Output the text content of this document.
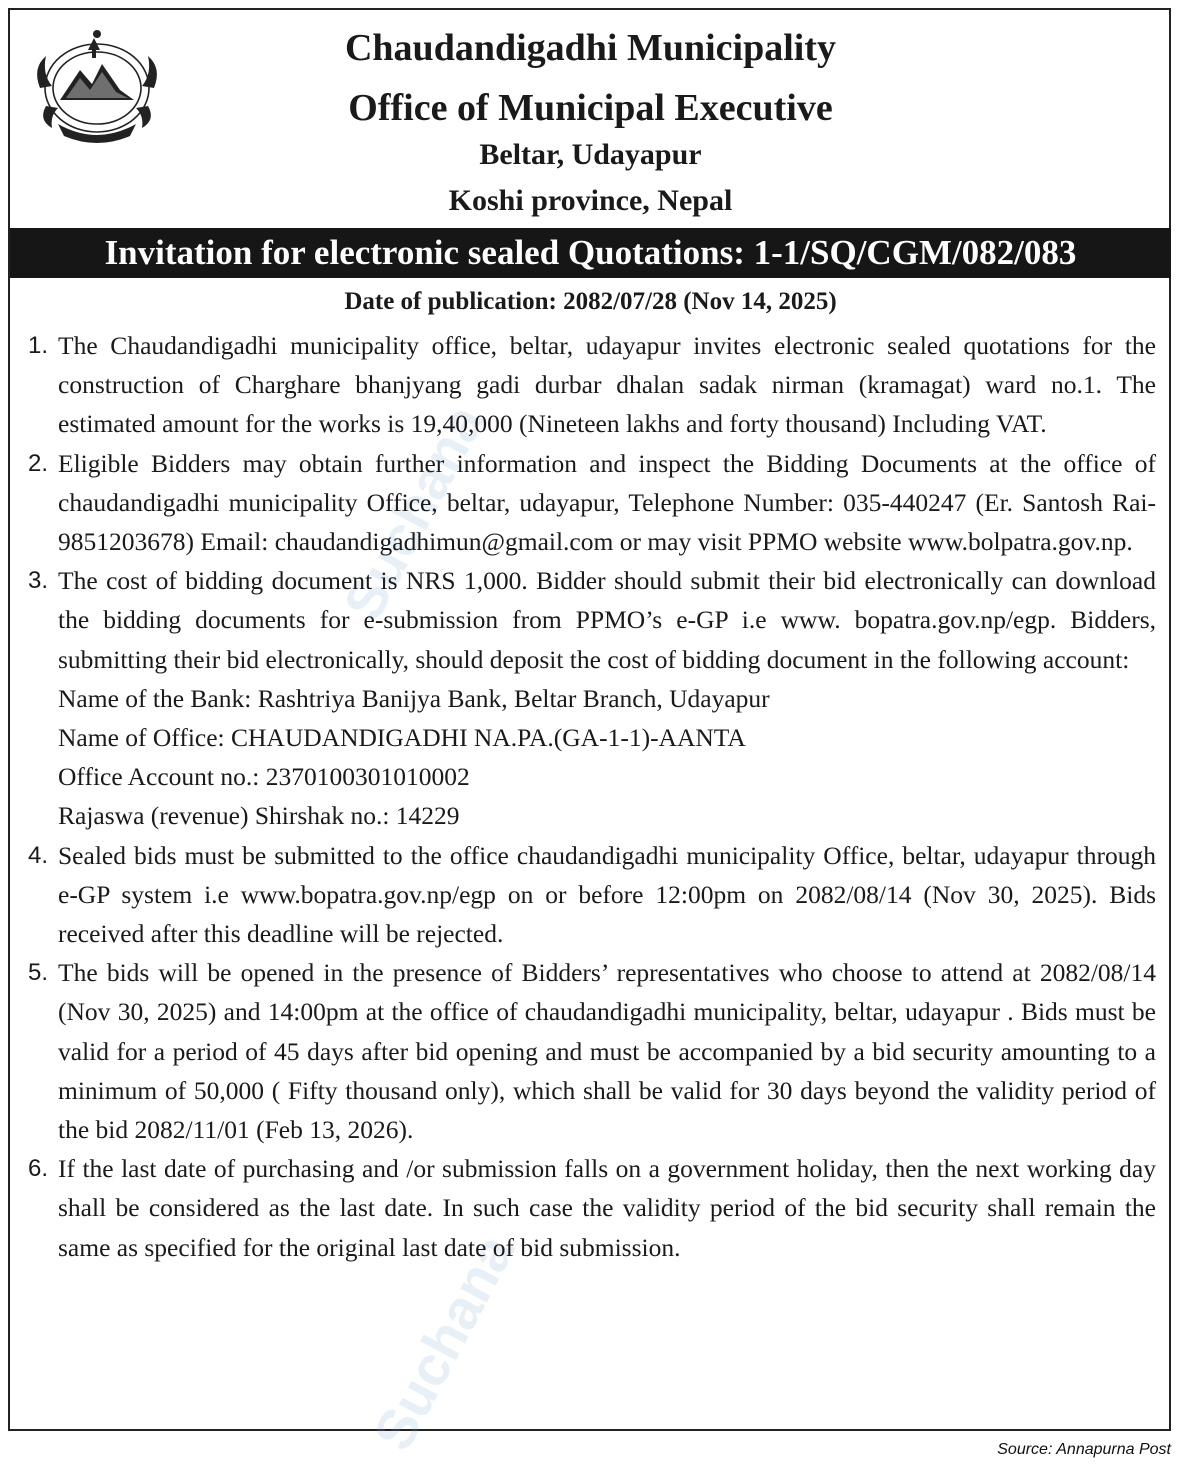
Suchana
Suchana
Chaudandigadhi Municipality
Office of Municipal Executive
Beltar, Udayapur
Koshi province, Nepal
Invitation for electronic sealed Quotations: 1-1/SQ/CGM/082/083
Date of publication: 2082/07/28 (Nov 14, 2025)
1. The Chaudandigadhi municipality office, beltar, udayapur invites electronic sealed quotations for the construction of Charghare bhanjyang gadi durbar dhalan sadak nirman (kramagat) ward no.1. The estimated amount for the works is 19,40,000 (Nineteen lakhs and forty thousand) Including VAT.
2. Eligible Bidders may obtain further information and inspect the Bidding Documents at the office of chaudandigadhi municipality Office, beltar, udayapur, Telephone Number: 035-440247 (Er. Santosh Rai- 9851203678) Email: chaudandigadhimun@gmail.com or may visit PPMO website www.bolpatra.gov.np.
3. The cost of bidding document is NRS 1,000. Bidder should submit their bid electronically can download the bidding documents for e-submission from PPMO’s e-GP i.e www. bopatra.gov.np/egp. Bidders, submitting their bid electronically, should deposit the cost of bidding document in the following account:
Name of the Bank: Rashtriya Banijya Bank, Beltar Branch, Udayapur
Name of Office: CHAUDANDIGADHI NA.PA.(GA-1-1)-AANTA
Office Account no.: 2370100301010002
Rajaswa (revenue) Shirshak no.: 14229
4. Sealed bids must be submitted to the office chaudandigadhi municipality Office, beltar, udayapur through e-GP system i.e www.bopatra.gov.np/egp on or before 12:00pm on 2082/08/14 (Nov 30, 2025). Bids received after this deadline will be rejected.
5. The bids will be opened in the presence of Bidders’ representatives who choose to attend at 2082/08/14 (Nov 30, 2025) and 14:00pm at the office of chaudandigadhi municipality, beltar, udayapur . Bids must be valid for a period of 45 days after bid opening and must be accompanied by a bid security amounting to a minimum of 50,000 ( Fifty thousand only), which shall be valid for 30 days beyond the validity period of the bid 2082/11/01 (Feb 13, 2026).
6. If the last date of purchasing and /or submission falls on a government holiday, then the next working day shall be considered as the last date. In such case the validity period of the bid security shall remain the same as specified for the original last date of bid submission.
Source: Annapurna Post
